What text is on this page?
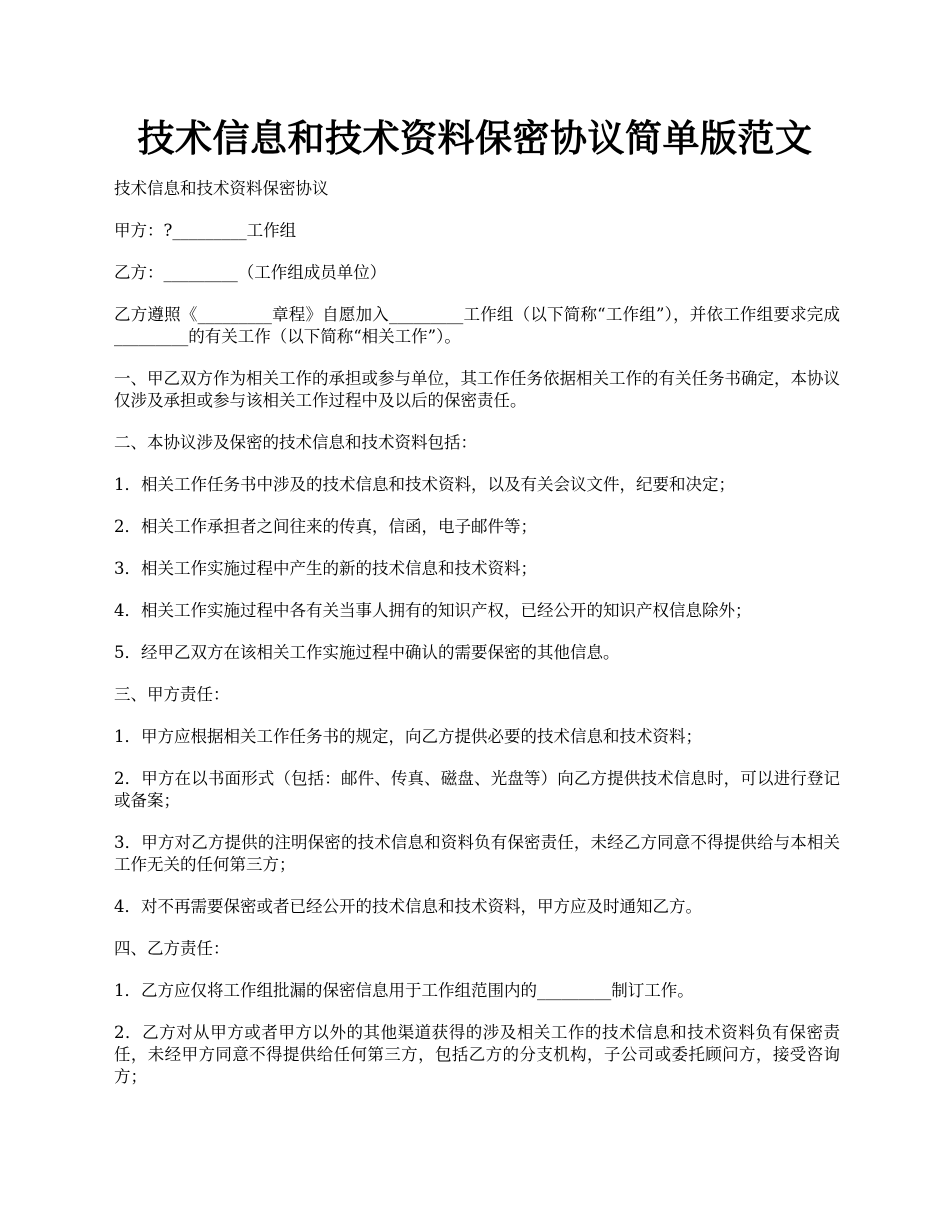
技术信息和技术资料保密协议简单版范文

技术信息和技术资料保密协议

甲方：?_________工作组

乙方：_________（工作组成员单位）

乙方遵照《_________章程》自愿加入_________工作组（以下简称“工作组”），并依工作组要求完成_________的有关工作（以下简称“相关工作”）。

一、甲乙双方作为相关工作的承担或参与单位，其工作任务依据相关工作的有关任务书确定，本协议仅涉及承担或参与该相关工作过程中及以后的保密责任。

二、本协议涉及保密的技术信息和技术资料包括：

1．相关工作任务书中涉及的技术信息和技术资料，以及有关会议文件，纪要和决定；

2．相关工作承担者之间往来的传真，信函，电子邮件等；

3．相关工作实施过程中产生的新的技术信息和技术资料；

4．相关工作实施过程中各有关当事人拥有的知识产权，已经公开的知识产权信息除外；

5．经甲乙双方在该相关工作实施过程中确认的需要保密的其他信息。

三、甲方责任：

1．甲方应根据相关工作任务书的规定，向乙方提供必要的技术信息和技术资料；

2．甲方在以书面形式（包括：邮件、传真、磁盘、光盘等）向乙方提供技术信息时，可以进行登记或备案；

3．甲方对乙方提供的注明保密的技术信息和资料负有保密责任，未经乙方同意不得提供给与本相关工作无关的任何第三方；

4．对不再需要保密或者已经公开的技术信息和技术资料，甲方应及时通知乙方。

四、乙方责任：

1．乙方应仅将工作组批漏的保密信息用于工作组范围内的_________制订工作。

2．乙方对从甲方或者甲方以外的其他渠道获得的涉及相关工作的技术信息和技术资料负有保密责任，未经甲方同意不得提供给任何第三方，包括乙方的分支机构，子公司或委托顾问方，接受咨询方；
